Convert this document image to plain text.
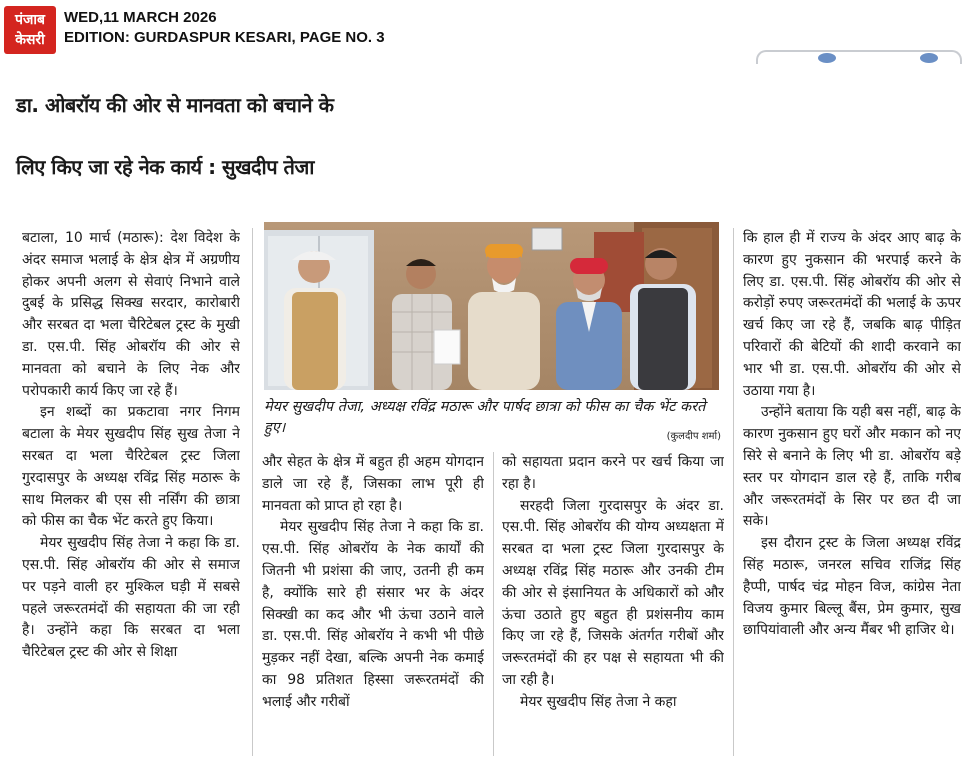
पंजाब
केसरी
WED,11 MARCH 2026
EDITION: GURDASPUR KESARI, PAGE NO. 3
डा. ओबरॉय की ओर से मानवता को बचाने के
लिए किए जा रहे नेक कार्य : सुखदीप तेजा

बटाला, 10 मार्च (मठारू): देश विदेश के अंदर समाज भलाई के क्षेत्र क्षेत्र में अग्रणीय होकर अपनी अलग से सेवाएं निभाने वाले दुबई के प्रसिद्ध सिक्ख सरदार, कारोबारी और सरबत दा भला चैरिटेबल ट्रस्ट के मुखी डा. एस.पी. सिंह ओबरॉय की ओर से मानवता को बचाने के लिए नेक और परोपकारी कार्य किए जा रहे हैं।

इन शब्दों का प्रकटावा नगर निगम बटाला के मेयर सुखदीप सिंह सुख तेजा ने सरबत दा भला चैरिटेबल ट्रस्ट जिला गुरदासपुर के अध्यक्ष रविंद्र सिंह मठारू के साथ मिलकर बी एस सी नर्सिंग की छात्रा को फीस का चैक भेंट करते हुए किया।

मेयर सुखदीप सिंह तेजा ने कहा कि डा. एस.पी. सिंह ओबरॉय की ओर से समाज पर पड़ने वाली हर मुश्किल घड़ी में सबसे पहले जरूरतमंदों की सहायता की जा रही है। उन्होंने कहा कि सरबत दा भला चैरिटेबल ट्रस्ट की ओर से शिक्षा

मेयर सुखदीप तेजा, अध्यक्ष रविंद्र मठारू और पार्षद छात्रा को फीस का चैक भेंट करते हुए।
(कुलदीप शर्मा)

और सेहत के क्षेत्र में बहुत ही अहम योगदान डाले जा रहे हैं, जिसका लाभ पूरी ही मानवता को प्राप्त हो रहा है।

मेयर सुखदीप सिंह तेजा ने कहा कि डा. एस.पी. सिंह ओबरॉय के नेक कार्यों की जितनी भी प्रशंसा की जाए, उतनी ही कम है, क्योंकि सारे ही संसार भर के अंदर सिक्खी का कद और भी ऊंचा उठाने वाले डा. एस.पी. सिंह ओबरॉय ने कभी भी पीछे मुड़कर नहीं देखा, बल्कि अपनी नेक कमाई का 98 प्रतिशत हिस्सा जरूरतमंदों की भलाई और गरीबों

को सहायता प्रदान करने पर खर्च किया जा रहा है।

सरहदी जिला गुरदासपुर के अंदर डा. एस.पी. सिंह ओबरॉय की योग्य अध्यक्षता में सरबत दा भला ट्रस्ट जिला गुरदासपुर के अध्यक्ष रविंद्र सिंह मठारू और उनकी टीम की ओर से इंसानियत के अधिकारों को और ऊंचा उठाते हुए बहुत ही प्रशंसनीय काम किए जा रहे हैं, जिसके अंतर्गत गरीबों और जरूरतमंदों की हर पक्ष से सहायता भी की जा रही है।

मेयर सुखदीप सिंह तेजा ने कहा

कि हाल ही में राज्य के अंदर आए बाढ़ के कारण हुए नुकसान की भरपाई करने के लिए डा. एस.पी. सिंह ओबरॉय की ओर से करोड़ों रुपए जरूरतमंदों की भलाई के ऊपर खर्च किए जा रहे हैं, जबकि बाढ़ पीड़ित परिवारों की बेटियों की शादी करवाने का भार भी डा. एस.पी. ओबरॉय की ओर से उठाया गया है।

उन्होंने बताया कि यही बस नहीं, बाढ़ के कारण नुकसान हुए घरों और मकान को नए सिरे से बनाने के लिए भी डा. ओबरॉय बड़े स्तर पर योगदान डाल रहे हैं, ताकि गरीब और जरूरतमंदों के सिर पर छत दी जा सके।

इस दौरान ट्रस्ट के जिला अध्यक्ष रविंद्र सिंह मठारू, जनरल सचिव राजिंद्र सिंह हैप्पी, पार्षद चंद्र मोहन विज, कांग्रेस नेता विजय कुमार बिल्लू बैंस, प्रेम कुमार, सुख छापियांवाली और अन्य मैंबर भी हाजिर थे।
